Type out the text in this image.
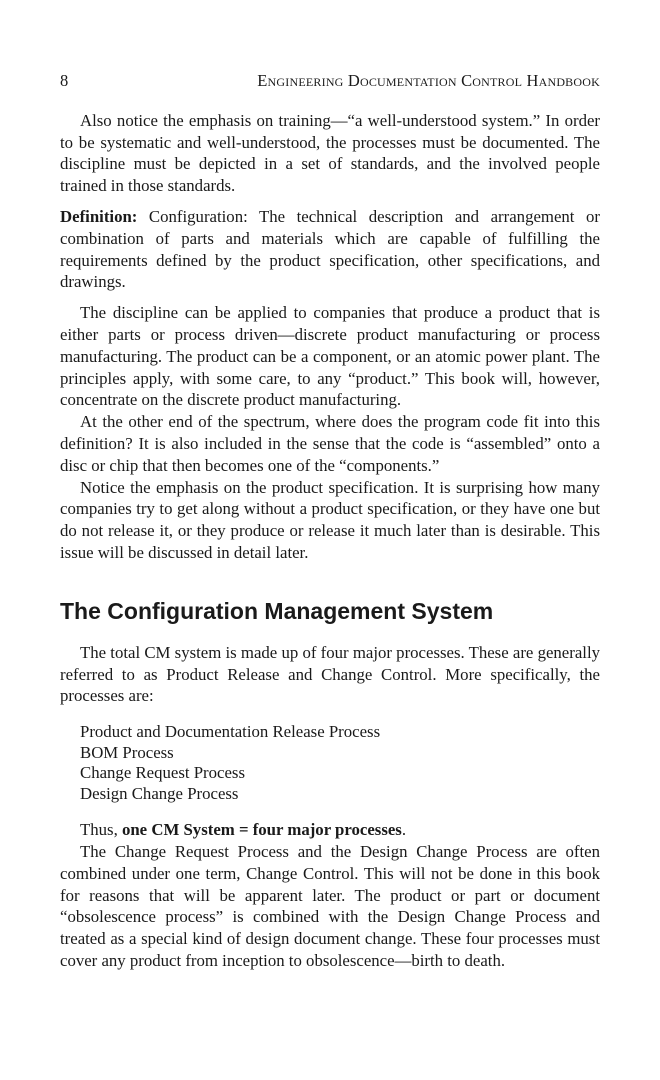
8	Engineering Documentation Control Handbook

Also notice the emphasis on training—“a well-understood system.” In order to be systematic and well-understood, the processes must be documented. The discipline must be depicted in a set of standards, and the involved people trained in those standards.

Definition: Configuration: The technical description and arrangement or combination of parts and materials which are capable of fulfilling the requirements defined by the product specification, other specifications, and drawings.

The discipline can be applied to companies that produce a product that is either parts or process driven—discrete product manufacturing or process manufacturing. The product can be a component, or an atomic power plant. The principles apply, with some care, to any “product.” This book will, however, concentrate on the discrete product manufacturing.

At the other end of the spectrum, where does the program code fit into this definition? It is also included in the sense that the code is “assembled” onto a disc or chip that then becomes one of the “components.”

Notice the emphasis on the product specification. It is surprising how many companies try to get along without a product specification, or they have one but do not release it, or they produce or release it much later than is desirable. This issue will be discussed in detail later.

The Configuration Management System

The total CM system is made up of four major processes. These are generally referred to as Product Release and Change Control. More specifically, the processes are:

Product and Documentation Release Process
BOM Process
Change Request Process
Design Change Process

Thus, one CM System = four major processes.

The Change Request Process and the Design Change Process are often combined under one term, Change Control. This will not be done in this book for reasons that will be apparent later. The product or part or document “obsolescence process” is combined with the Design Change Process and treated as a special kind of design document change. These four processes must cover any product from inception to obsolescence—birth to death.
